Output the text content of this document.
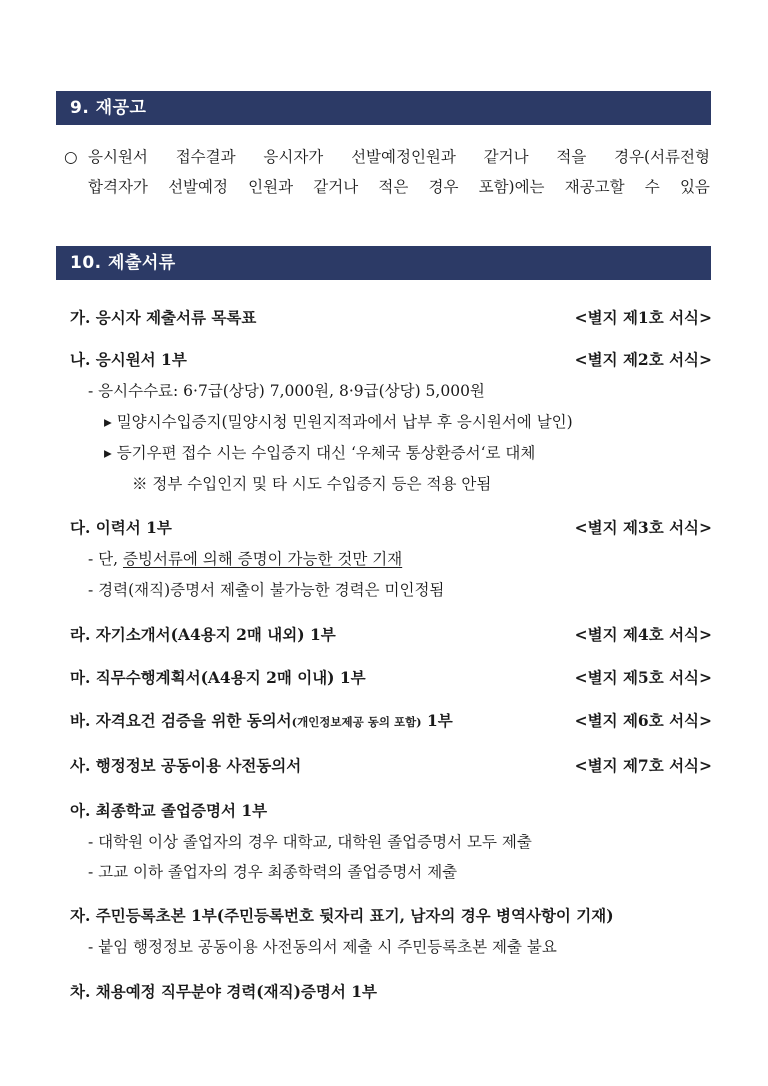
9. 재공고
○ 응시원서 접수결과 응시자가 선발예정인원과 같거나 적을 경우(서류전형
합격자가 선발예정 인원과 같거나 적은 경우 포함)에는 재공고할 수 있음
10. 제출서류
가. 응시자 제출서류 목록표	<별지 제1호 서식>
나. 응시원서 1부	<별지 제2호 서식>
- 응시수수료: 6·7급(상당) 7,000원, 8·9급(상당) 5,000원
▸ 밀양시수입증지(밀양시청 민원지적과에서 납부 후 응시원서에 날인)
▸ 등기우편 접수 시는 수입증지 대신 ‘우체국 통상환증서‘로 대체
※ 정부 수입인지 및 타 시도 수입증지 등은 적용 안됨
다. 이력서 1부	<별지 제3호 서식>
- 단, 증빙서류에 의해 증명이 가능한 것만 기재
- 경력(재직)증명서 제출이 불가능한 경력은 미인정됨
라. 자기소개서(A4용지 2매 내외) 1부	<별지 제4호 서식>
마. 직무수행계획서(A4용지 2매 이내) 1부	<별지 제5호 서식>
바. 자격요건 검증을 위한 동의서(개인정보제공 동의 포함) 1부	<별지 제6호 서식>
사. 행정정보 공동이용 사전동의서	<별지 제7호 서식>
아. 최종학교 졸업증명서 1부
- 대학원 이상 졸업자의 경우 대학교, 대학원 졸업증명서 모두 제출
- 고교 이하 졸업자의 경우 최종학력의 졸업증명서 제출
자. 주민등록초본 1부(주민등록번호 뒷자리 표기, 남자의 경우 병역사항이 기재)
- 붙임 행정정보 공동이용 사전동의서 제출 시 주민등록초본 제출 불요
차. 채용예정 직무분야 경력(재직)증명서 1부
